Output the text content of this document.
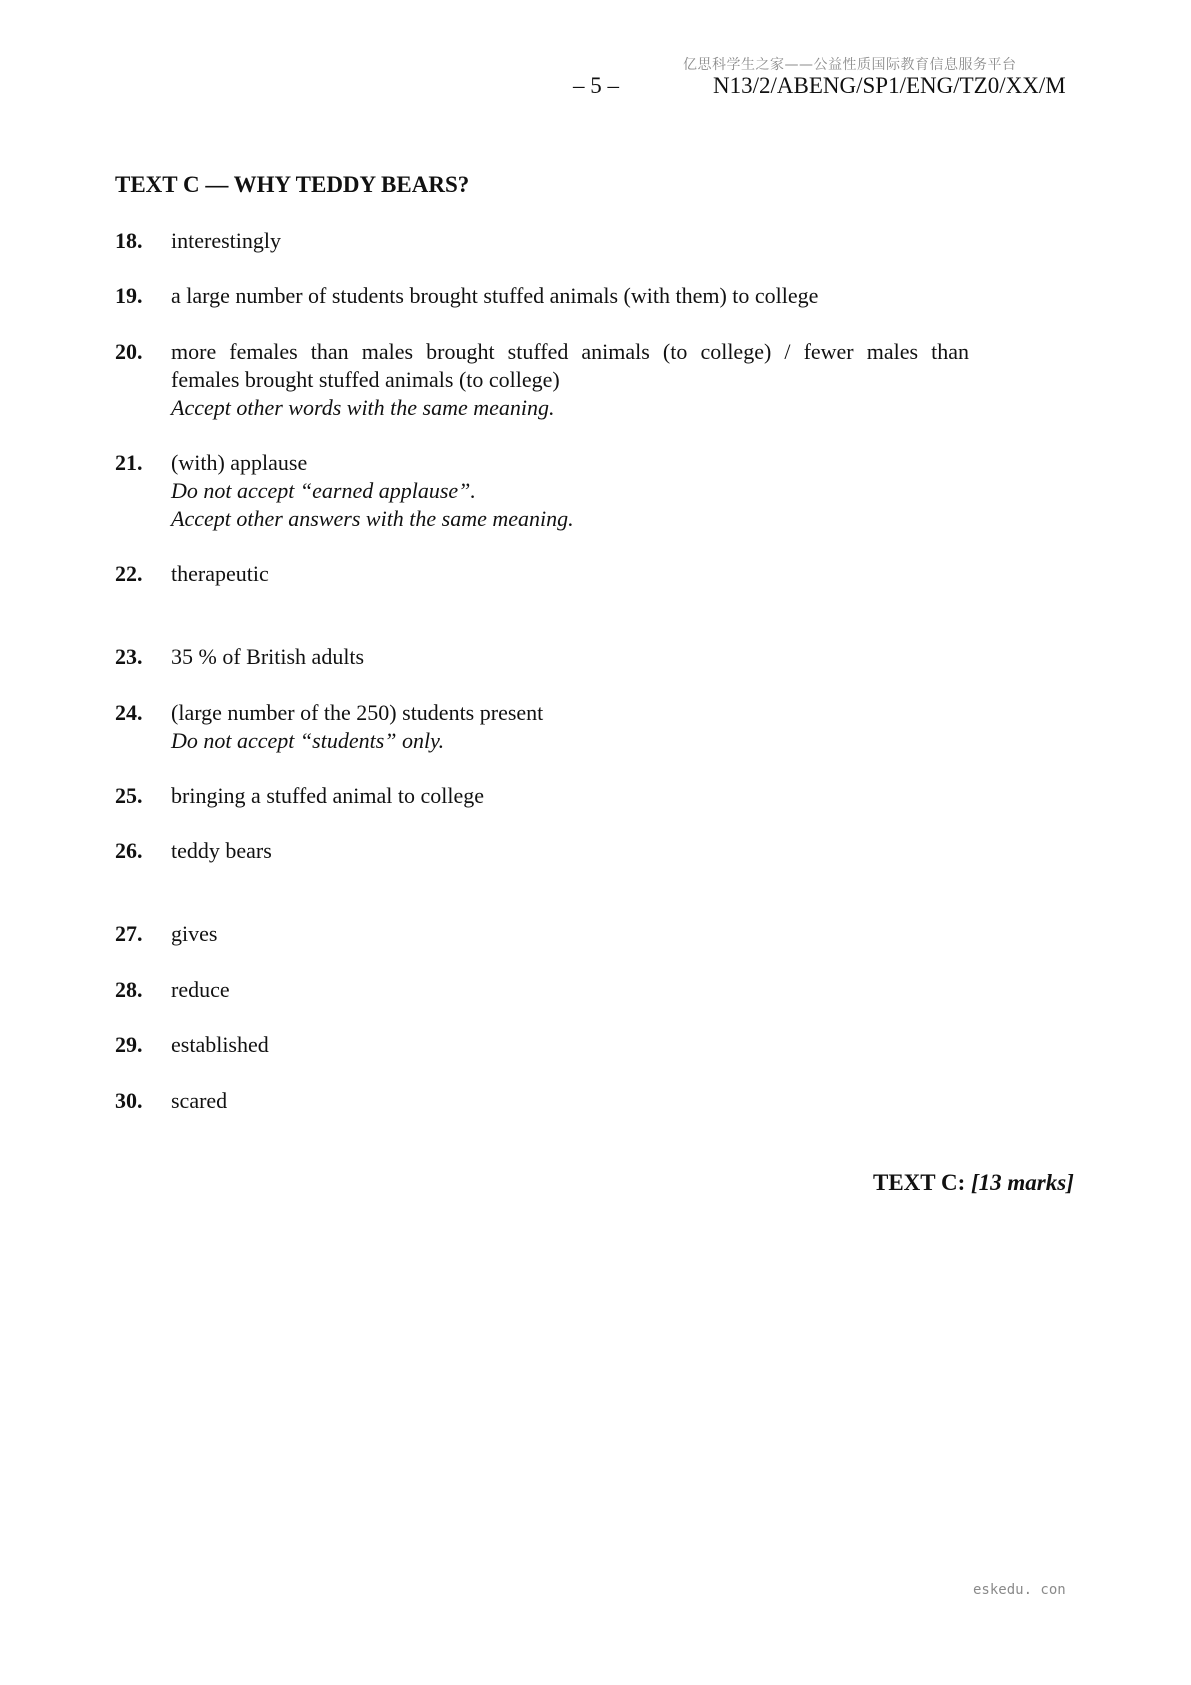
亿思科学生之家——公益性质国际教育信息服务平台
– 5 –	N13/2/ABENG/SP1/ENG/TZ0/XX/M
TEXT C — WHY TEDDY BEARS?
18. interestingly
19. a large number of students brought stuffed animals (with them) to college
20. more females than males brought stuffed animals (to college) / fewer males than
females brought stuffed animals (to college)
Accept other words with the same meaning.
21. (with) applause
Do not accept “earned applause”.
Accept other answers with the same meaning.
22. therapeutic
23. 35 % of British adults
24. (large number of the 250) students present
Do not accept “students” only.
25. bringing a stuffed animal to college
26. teddy bears
27. gives
28. reduce
29. established
30. scared
TEXT C: [13 marks]
eskedu. con
